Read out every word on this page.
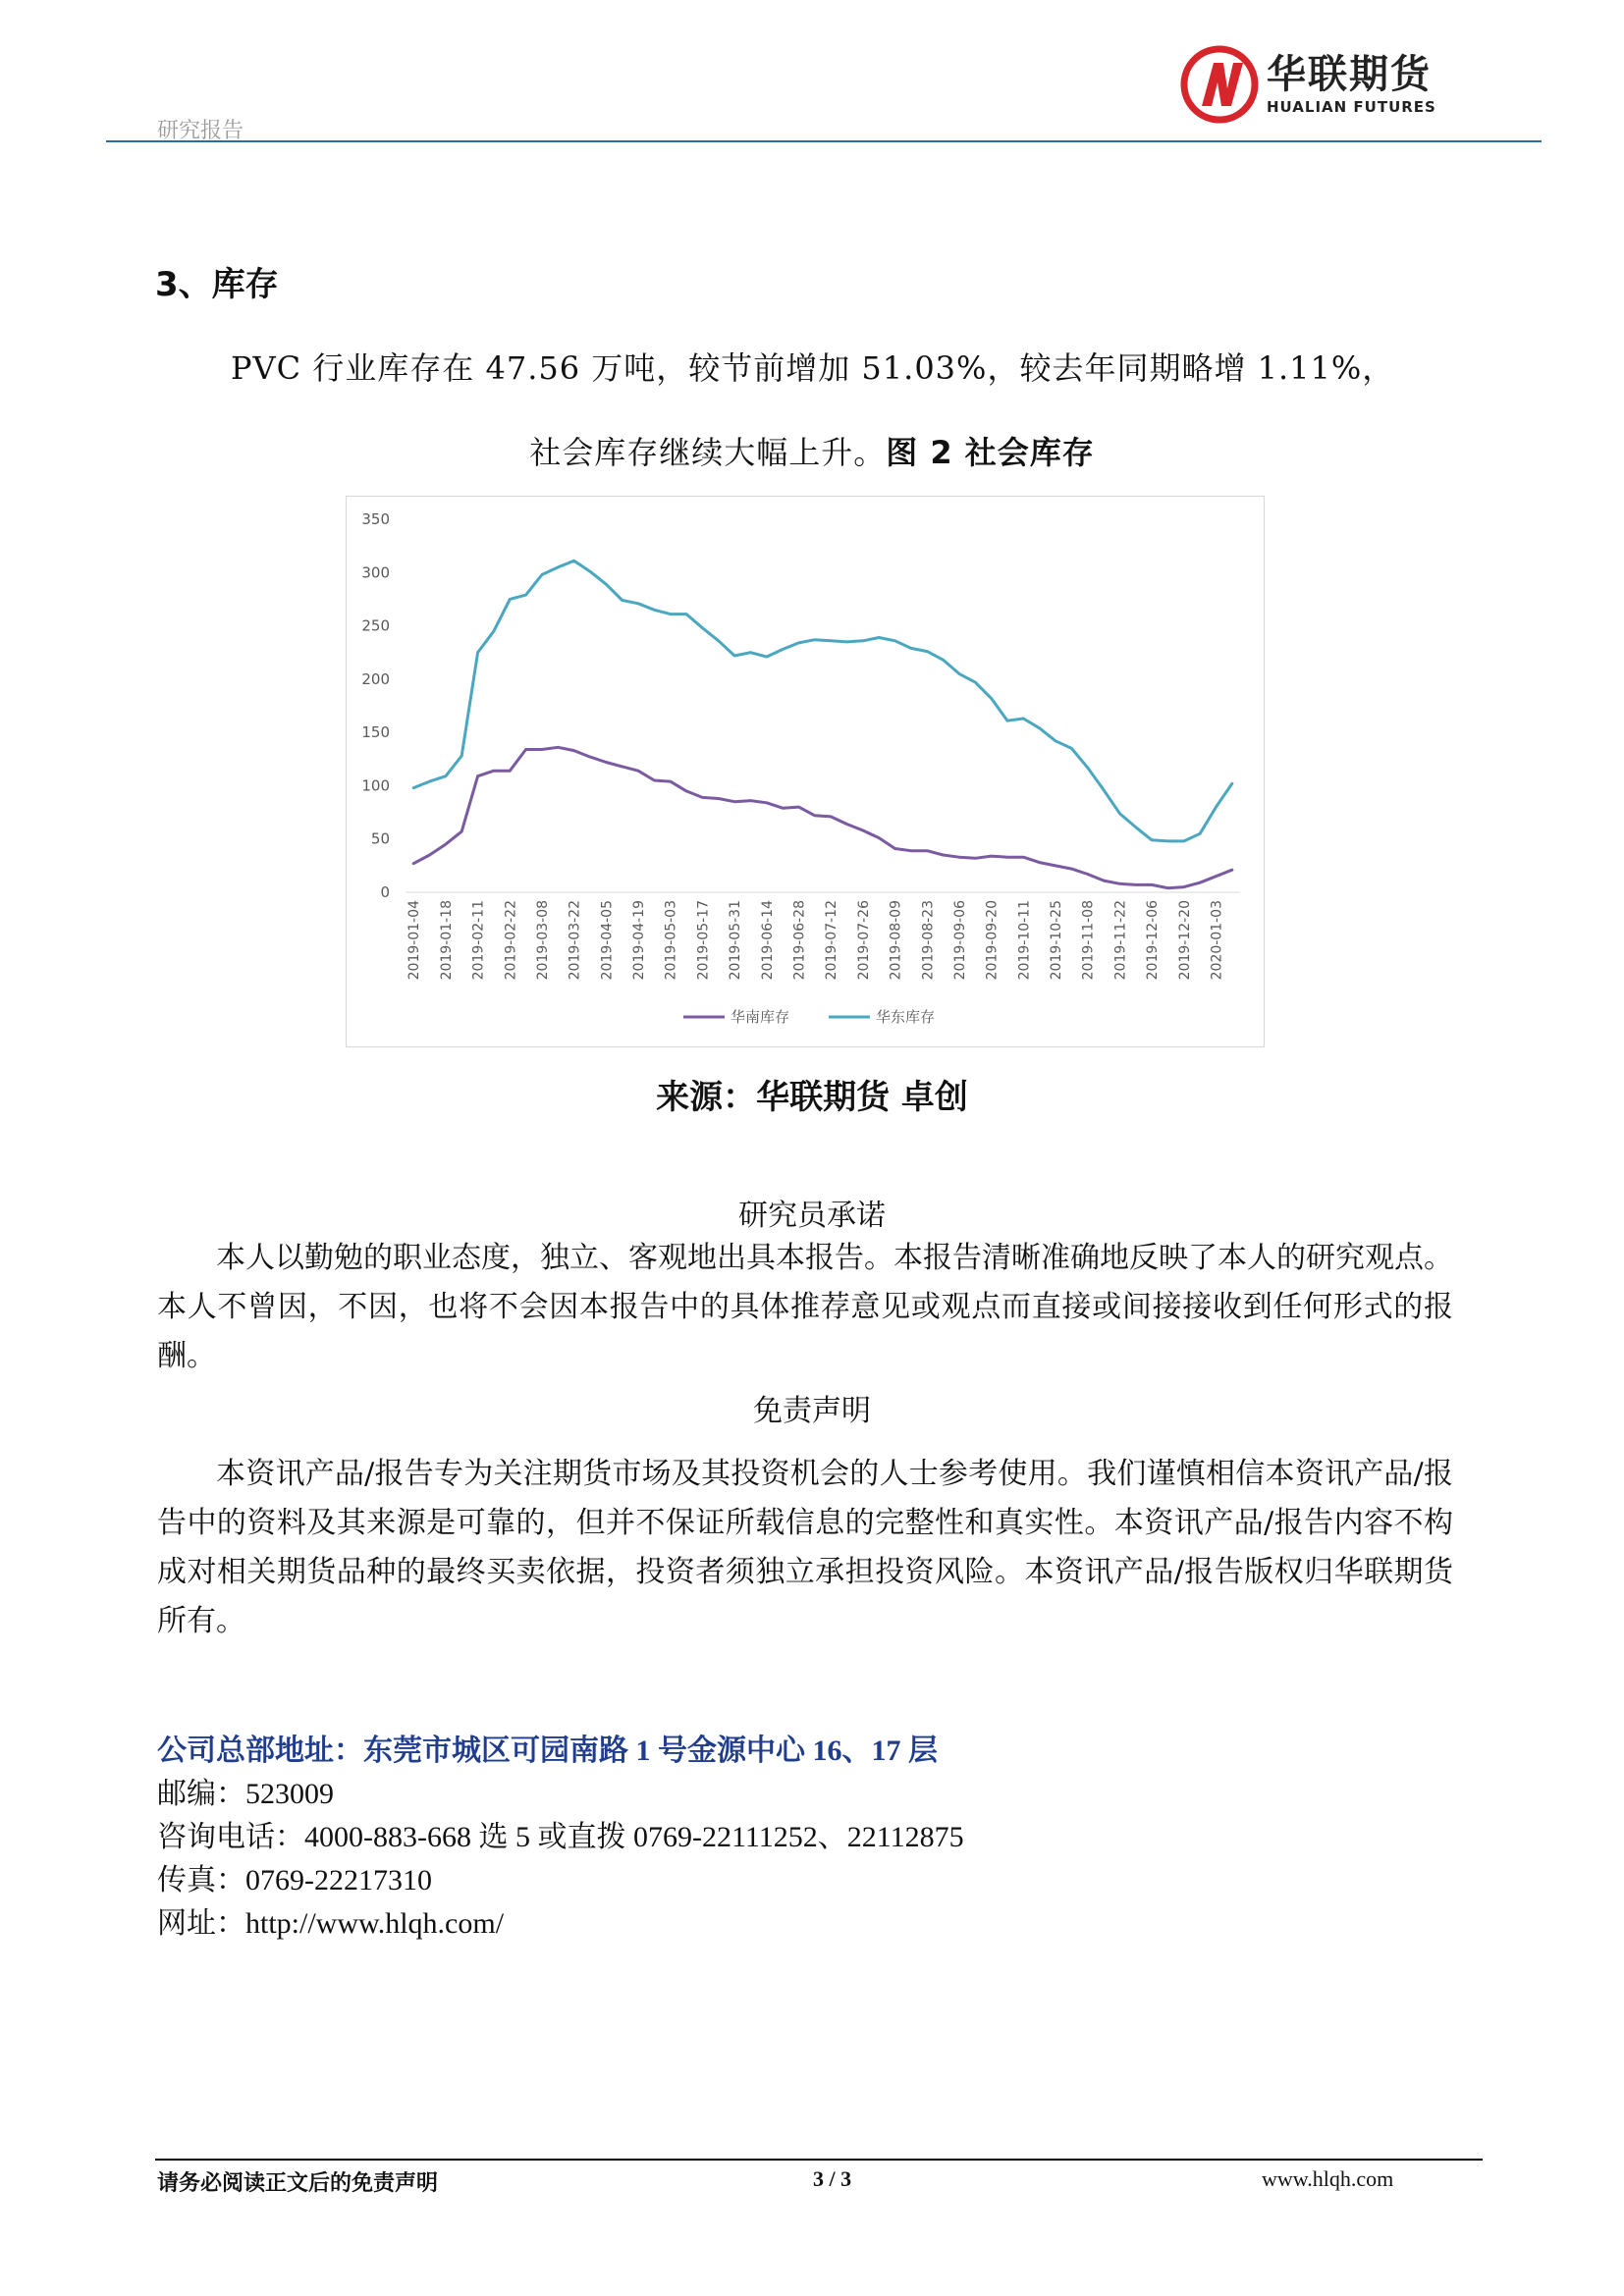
研究报告
华联期货
HUALIAN FUTURES
3、库存
PVC 行业库存在 47.56 万吨，较节前增加 51.03%，较去年同期略增 1.11%，
社会库存继续大幅上升。图 2 社会库存
0
50
100
150
200
250
300
350
2019-01-04 2019-01-18 2019-02-11 2019-02-22 2019-03-08 2019-03-22 2019-04-05 2019-04-19 2019-05-03 2019-05-17 2019-05-31 2019-06-14 2019-06-28 2019-07-12 2019-07-26 2019-08-09 2019-08-23 2019-09-06 2019-09-20 2019-10-11 2019-10-25 2019-11-08 2019-11-22 2019-12-06 2019-12-20 2020-01-03
华南库存	华东库存
来源：华联期货 卓创
研究员承诺

本人以勤勉的职业态度，独立、客观地出具本报告。本报告清晰准确地反映了本人的研究观点。本人不曾因，不因，也将不会因本报告中的具体推荐意见或观点而直接或间接接收到任何形式的报酬。

免责声明

本资讯产品/报告专为关注期货市场及其投资机会的人士参考使用。我们谨慎相信本资讯产品/报告中的资料及其来源是可靠的，但并不保证所载信息的完整性和真实性。本资讯产品/报告内容不构成对相关期货品种的最终买卖依据，投资者须独立承担投资风险。本资讯产品/报告版权归华联期货所有。

公司总部地址：东莞市城区可园南路 1 号金源中心 16、17 层
邮编：523009
咨询电话：4000-883-668 选 5 或直拨 0769-22111252、22112875
传真：0769-22217310
网址：http://www.hlqh.com/
请务必阅读正文后的免责声明	3 / 3	www.hlqh.com
